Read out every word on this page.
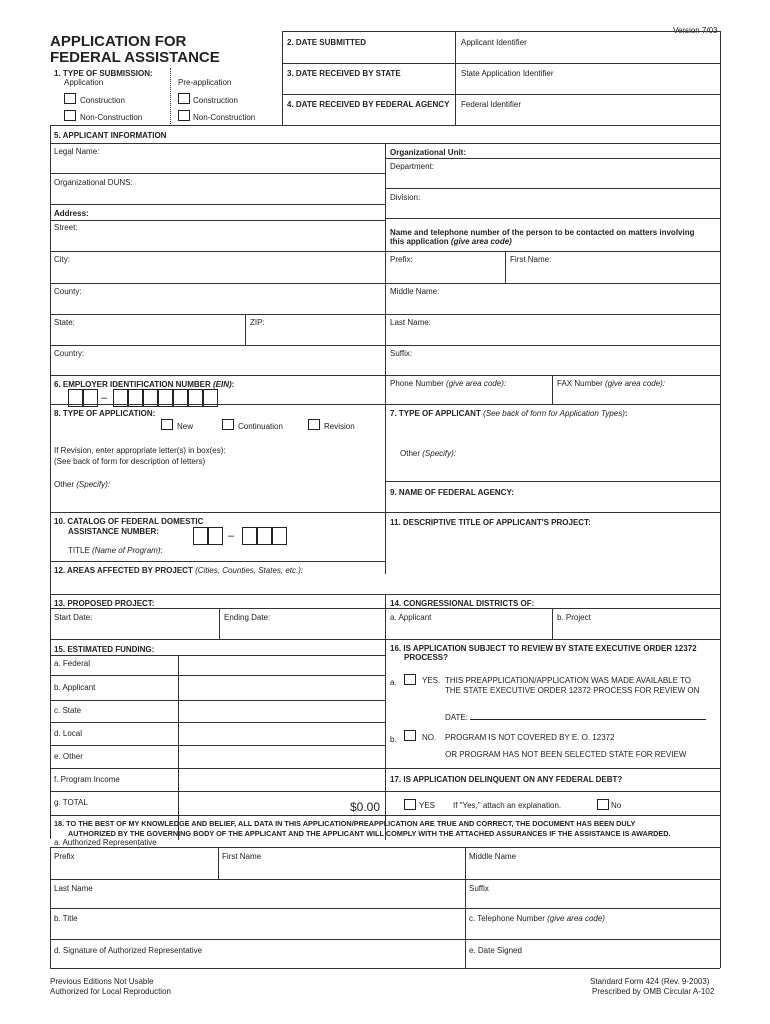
Version 7/03
APPLICATION FOR
FEDERAL ASSISTANCE
1. TYPE OF SUBMISSION:
Application	Pre-application
Construction	Construction
Non-Construction	Non-Construction
2. DATE SUBMITTED	Applicant Identifier
3. DATE RECEIVED BY STATE	State Application Identifier
4. DATE RECEIVED BY FEDERAL AGENCY Federal Identifier
5. APPLICANT INFORMATION
Legal Name:	Organizational Unit:
Department:
Organizational DUNS:
Division:
Address:
Street:
Name and telephone number of the person to be contacted on matters involving
this application (give area code)
City:	Prefix:	First Name:
County:	Middle Name:
State:	ZIP:	Last Name:
Country:	Suffix:
6. EMPLOYER IDENTIFICATION NUMBER (EIN):	Phone Number (give area code):	FAX Number (give area code):
–
8. TYPE OF APPLICATION:
New	Continuation	Revision
If Revision, enter appropriate letter(s) in box(es):
(See back of form for description of letters)
Other (Specify):
7. TYPE OF APPLICANT (See back of form for Application Types):
Other (Specify):
9. NAME OF FEDERAL AGENCY:
10. CATALOG OF FEDERAL DOMESTIC
ASSISTANCE NUMBER:	–
TITLE (Name of Program):
11. DESCRIPTIVE TITLE OF APPLICANT'S PROJECT:
12. AREAS AFFECTED BY PROJECT (Cities, Counties, States, etc.):
13. PROPOSED PROJECT:	14. CONGRESSIONAL DISTRICTS OF:
Start Date:	Ending Date:	a. Applicant	b. Project
15. ESTIMATED FUNDING:
a. Federal
b. Applicant
c. State
d. Local
e. Other
f. Program Income
g. TOTAL	$0.00
16. IS APPLICATION SUBJECT TO REVIEW BY STATE EXECUTIVE ORDER 12372
PROCESS?
a.	YES. THIS PREAPPLICATION/APPLICATION WAS MADE AVAILABLE TO
THE STATE EXECUTIVE ORDER 12372 PROCESS FOR REVIEW ON
DATE:
b.	NO. PROGRAM IS NOT COVERED BY E. O. 12372
OR PROGRAM HAS NOT BEEN SELECTED STATE FOR REVIEW
17. IS APPLICATION DELINQUENT ON ANY FEDERAL DEBT?
YES If "Yes," attach an explanation.	No
18. TO THE BEST OF MY KNOWLEDGE AND BELIEF, ALL DATA IN THIS APPLICATION/PREAPPLICATION ARE TRUE AND CORRECT, THE DOCUMENT HAS BEEN DULY
AUTHORIZED BY THE GOVERNING BODY OF THE APPLICANT AND THE APPLICANT WILL COMPLY WITH THE ATTACHED ASSURANCES IF THE ASSISTANCE IS AWARDED.
a. Authorized Representative
Prefix	First Name	Middle Name
Last Name	Suffix
b. Title	c. Telephone Number (give area code)
d. Signature of Authorized Representative	e. Date Signed
Previous Editions Not Usable
Authorized for Local Reproduction
Standard Form 424 (Rev. 9-2003)
Prescribed by OMB Circular A-102
